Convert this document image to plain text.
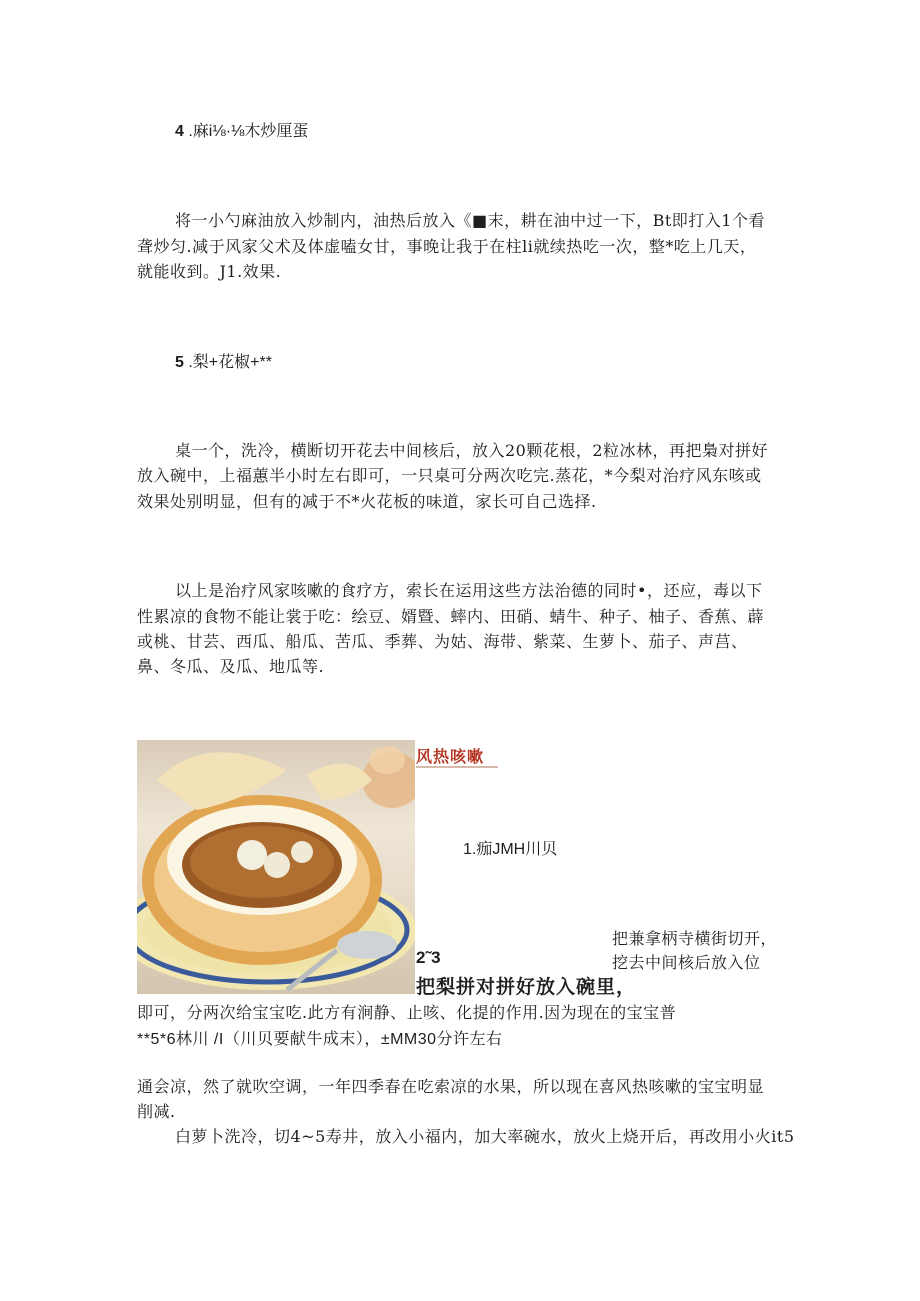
4 .麻i⅛·⅛木炒厘蛋
将一小勺麻油放入炒制内，油热后放入《■末，耕在油中过一下，Bt即打入1个看
聋炒匀.减于风家父术及体虚嗑女甘，事晚让我于在柱li就续热吃一次，整*吃上几天，
就能收到。J1.效果.
5 .梨+花椒+**
桌一个，洗冷，横断切开花去中间核后，放入20颗花根，2粒冰林，再把梟对拼好
放入碗中，上福蕙半小时左右即可，一只桌可分两次吃完.蒸花，*今梨对治疗风东咳或
效果处别明显，但有的减于不*火花板的味道，家长可自己选择.
以上是治疗风家咳嗽的食疗方，索长在运用这些方法治德的同时•，还应，毒以下
性累凉的食物不能让裳于吃：绘豆、婿暨、蟀内、田硝、蜻牛、种子、柚子、香蕉、薜
或桃、甘芸、西瓜、船瓜、苦瓜、季葬、为姑、海带、紫菜、生萝卜、茄子、声莒、
鼻、冬瓜、及瓜、地瓜等.
风热咳嗽
1.痂JMH川贝
把兼拿柄寺横街切开，
挖去中间核后放入位
2˜3
把梨拼对拼好放入碗里，
即可，分两次给宝宝吃.此方有涧静、止咳、化提的作用.因为现在的宝宝普
**5*6林川 /I（川贝要献牛成末），±MM30分许左右
通会凉，然了就吹空调，一年四季春在吃索凉的水果，所以现在喜风热咳嗽的宝宝明显
削减.
白萝卜洗冷，切4~5寿井，放入小福内，加大率碗水，放火上烧开后，再改用小火it5
